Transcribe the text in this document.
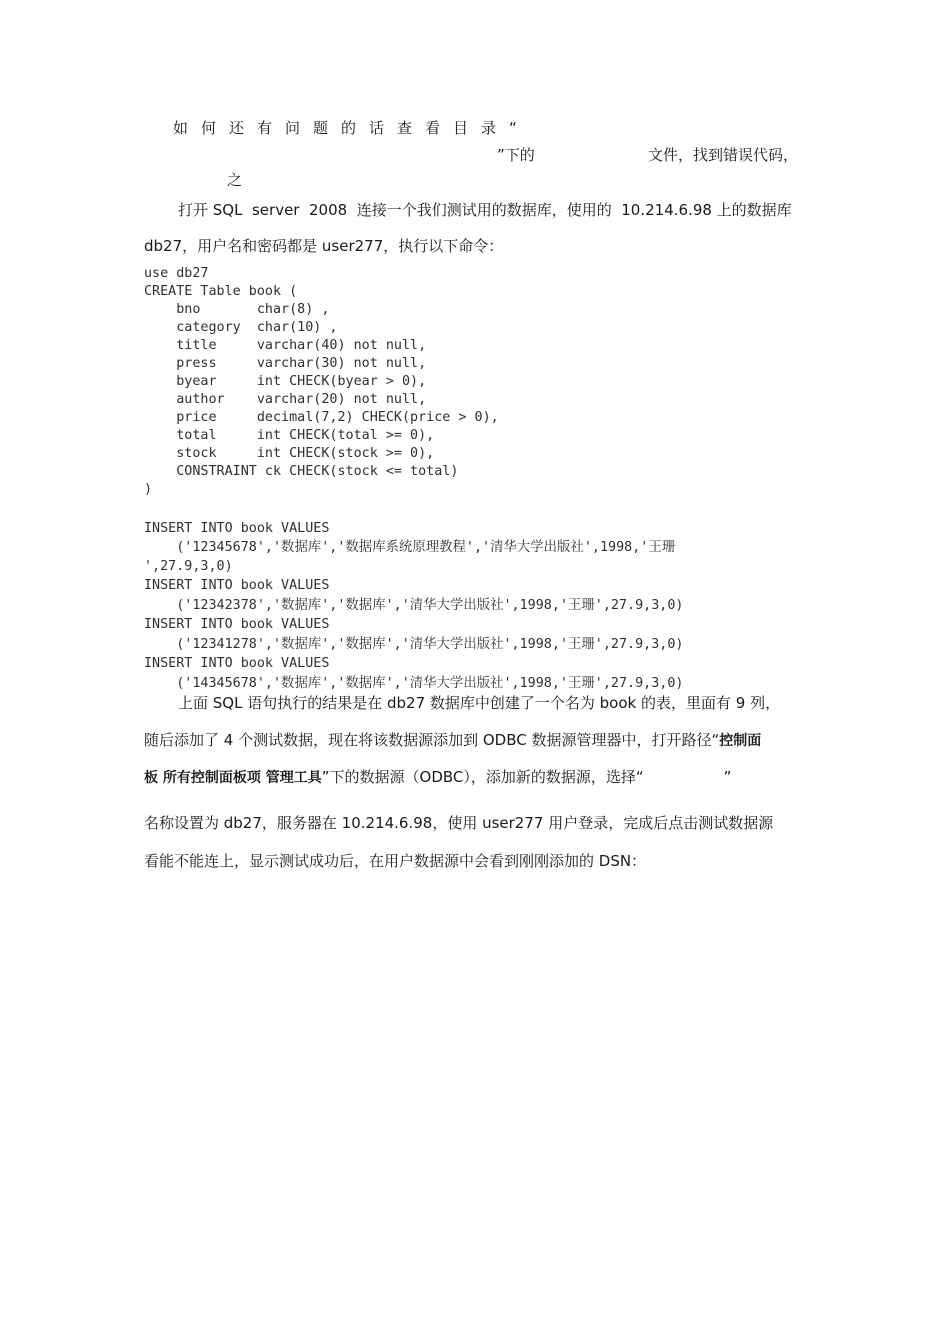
如何还有问题的话查看目录“
”下的	文件，找到错误代码，
之
打开 SQL  server  2008  连接一个我们测试用的数据库，使用的  10.214.6.98 上的数据库
db27，用户名和密码都是 user277，执行以下命令：
use db27
CREATE Table book (
bno       char(8) ,
category  char(10) ,
title     varchar(40) not null,
press     varchar(30) not null,
byear     int CHECK(byear > 0),
author    varchar(20) not null,
price     decimal(7,2) CHECK(price > 0),
total     int CHECK(total >= 0),
stock     int CHECK(stock >= 0),
CONSTRAINT ck CHECK(stock <= total)
)
INSERT INTO book VALUES
('12345678','数据库','数据库系统原理教程','清华大学出版社',1998,'王珊
',27.9,3,0)
INSERT INTO book VALUES
('12342378','数据库','数据库','清华大学出版社',1998,'王珊',27.9,3,0)
INSERT INTO book VALUES
('12341278','数据库','数据库','清华大学出版社',1998,'王珊',27.9,3,0)
INSERT INTO book VALUES
('14345678','数据库','数据库','清华大学出版社',1998,'王珊',27.9,3,0)
上面 SQL 语句执行的结果是在 db27 数据库中创建了一个名为 book 的表，里面有 9 列，
随后添加了 4 个测试数据，现在将该数据源添加到 ODBC 数据源管理器中，打开路径“控制面
板 所有控制面板项 管理工具”下的数据源（ODBC），添加新的数据源，选择“	”
名称设置为 db27，服务器在 10.214.6.98，使用 user277 用户登录，完成后点击测试数据源
看能不能连上，显示测试成功后，在用户数据源中会看到刚刚添加的 DSN：
